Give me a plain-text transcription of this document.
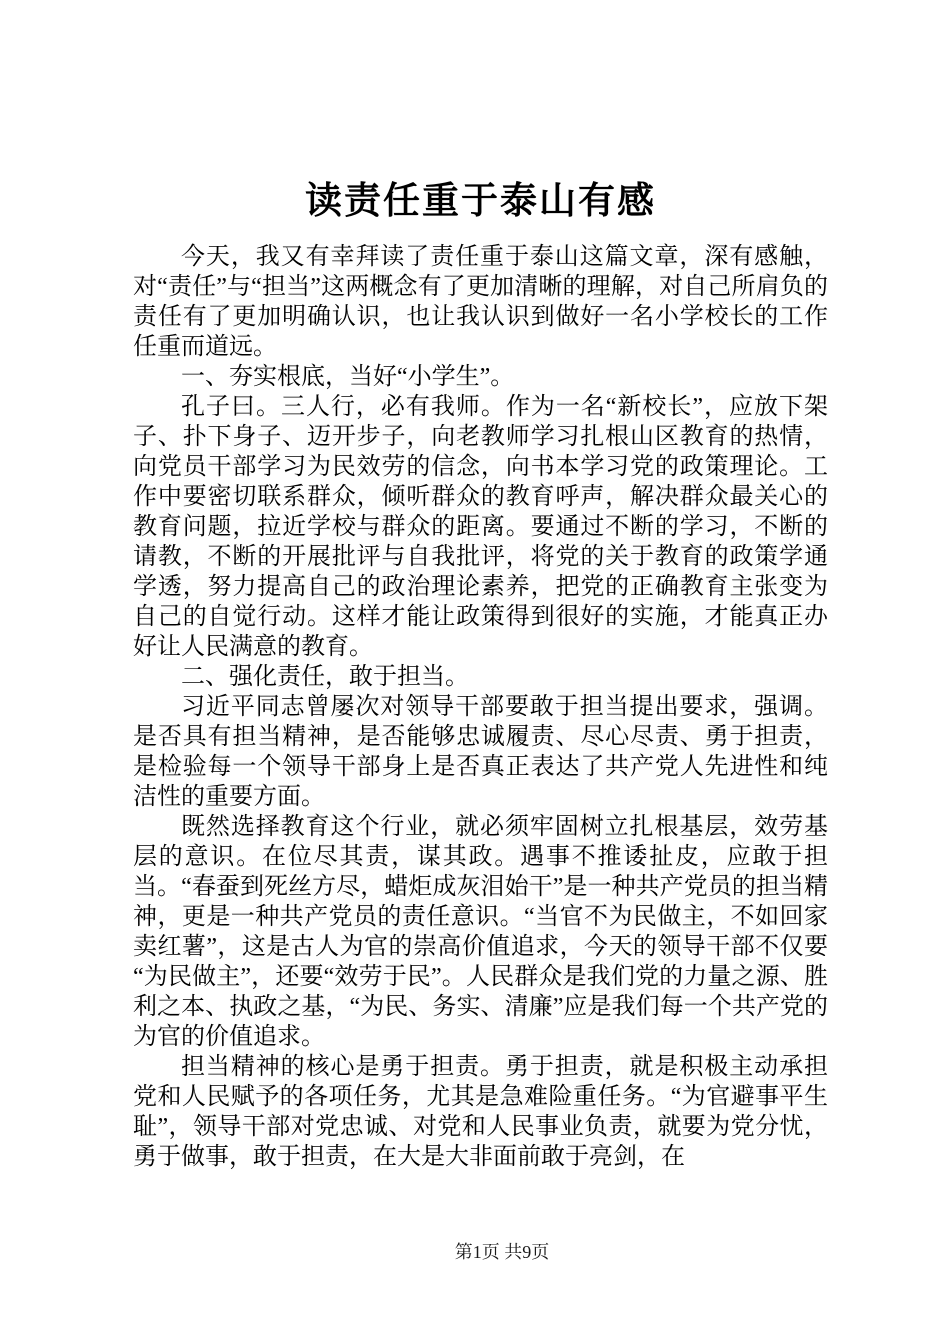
读责任重于泰山有感

今天，我又有幸拜读了责任重于泰山这篇文章，深有感触，对“责任”与“担当”这两概念有了更加清晰的理解，对自己所肩负的责任有了更加明确认识，也让我认识到做好一名小学校长的工作任重而道远。

一、夯实根底，当好“小学生”。

孔子曰。三人行，必有我师。作为一名“新校长”，应放下架子、扑下身子、迈开步子，向老教师学习扎根山区教育的热情，向党员干部学习为民效劳的信念，向书本学习党的政策理论。工作中要密切联系群众，倾听群众的教育呼声，解决群众最关心的教育问题，拉近学校与群众的距离。要通过不断的学习，不断的请教，不断的开展批评与自我批评，将党的关于教育的政策学通学透，努力提高自己的政治理论素养，把党的正确教育主张变为自己的自觉行动。这样才能让政策得到很好的实施，才能真正办好让人民满意的教育。

二、强化责任，敢于担当。

习近平同志曾屡次对领导干部要敢于担当提出要求，强调。是否具有担当精神，是否能够忠诚履责、尽心尽责、勇于担责，是检验每一个领导干部身上是否真正表达了共产党人先进性和纯洁性的重要方面。

既然选择教育这个行业，就必须牢固树立扎根基层，效劳基层的意识。在位尽其责，谋其政。遇事不推诿扯皮，应敢于担当。“春蚕到死丝方尽，蜡炬成灰泪始干”是一种共产党员的担当精神，更是一种共产党员的责任意识。“当官不为民做主，不如回家卖红薯”，这是古人为官的崇高价值追求，今天的领导干部不仅要“为民做主”，还要“效劳于民”。人民群众是我们党的力量之源、胜利之本、执政之基，“为民、务实、清廉”应是我们每一个共产党的为官的价值追求。

担当精神的核心是勇于担责。勇于担责，就是积极主动承担党和人民赋予的各项任务，尤其是急难险重任务。“为官避事平生耻”，领导干部对党忠诚、对党和人民事业负责，就要为党分忧，勇于做事，敢于担责，在大是大非面前敢于亮剑，在

第1页 共9页
